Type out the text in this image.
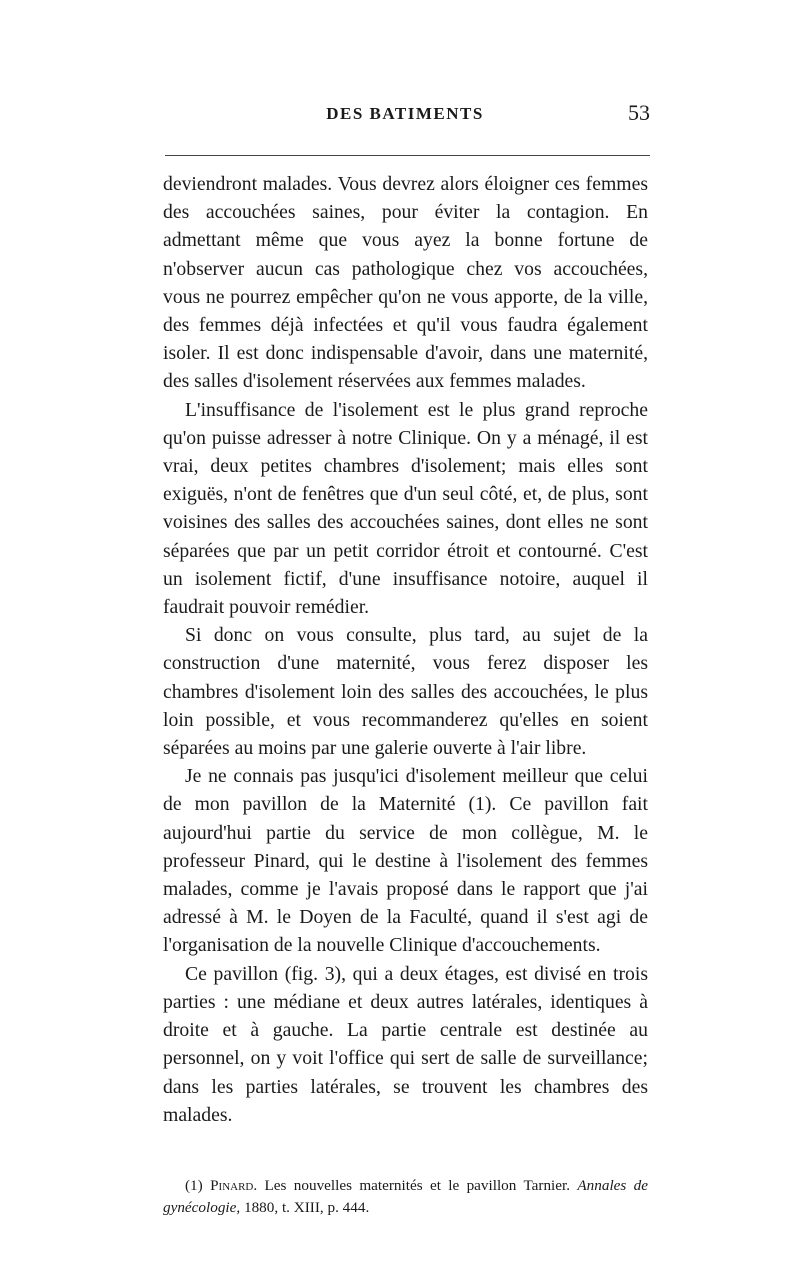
DES BATIMENTS	53

deviendront malades. Vous devrez alors éloigner ces femmes des accouchées saines, pour éviter la contagion. En admettant même que vous ayez la bonne fortune de n'observer aucun cas pathologique chez vos accouchées, vous ne pourrez empêcher qu'on ne vous apporte, de la ville, des femmes déjà infectées et qu'il vous faudra également isoler. Il est donc indispensable d'avoir, dans une maternité, des salles d'isolement réservées aux femmes malades.

L'insuffisance de l'isolement est le plus grand reproche qu'on puisse adresser à notre Clinique. On y a ménagé, il est vrai, deux petites chambres d'isolement; mais elles sont exiguës, n'ont de fenêtres que d'un seul côté, et, de plus, sont voisines des salles des accouchées saines, dont elles ne sont séparées que par un petit corridor étroit et contourné. C'est un isolement fictif, d'une insuffisance notoire, auquel il faudrait pouvoir remédier.

Si donc on vous consulte, plus tard, au sujet de la construction d'une maternité, vous ferez disposer les chambres d'isolement loin des salles des accouchées, le plus loin possible, et vous recommanderez qu'elles en soient séparées au moins par une galerie ouverte à l'air libre.

Je ne connais pas jusqu'ici d'isolement meilleur que celui de mon pavillon de la Maternité (1). Ce pavillon fait aujourd'hui partie du service de mon collègue, M. le professeur Pinard, qui le destine à l'isolement des femmes malades, comme je l'avais proposé dans le rapport que j'ai adressé à M. le Doyen de la Faculté, quand il s'est agi de l'organisation de la nouvelle Clinique d'accouchements.

Ce pavillon (fig. 3), qui a deux étages, est divisé en trois parties : une médiane et deux autres latérales, identiques à droite et à gauche. La partie centrale est destinée au personnel, on y voit l'office qui sert de salle de surveillance; dans les parties latérales, se trouvent les chambres des malades.

(1) Pinard. Les nouvelles maternités et le pavillon Tarnier. Annales de gynécologie, 1880, t. XIII, p. 444.
